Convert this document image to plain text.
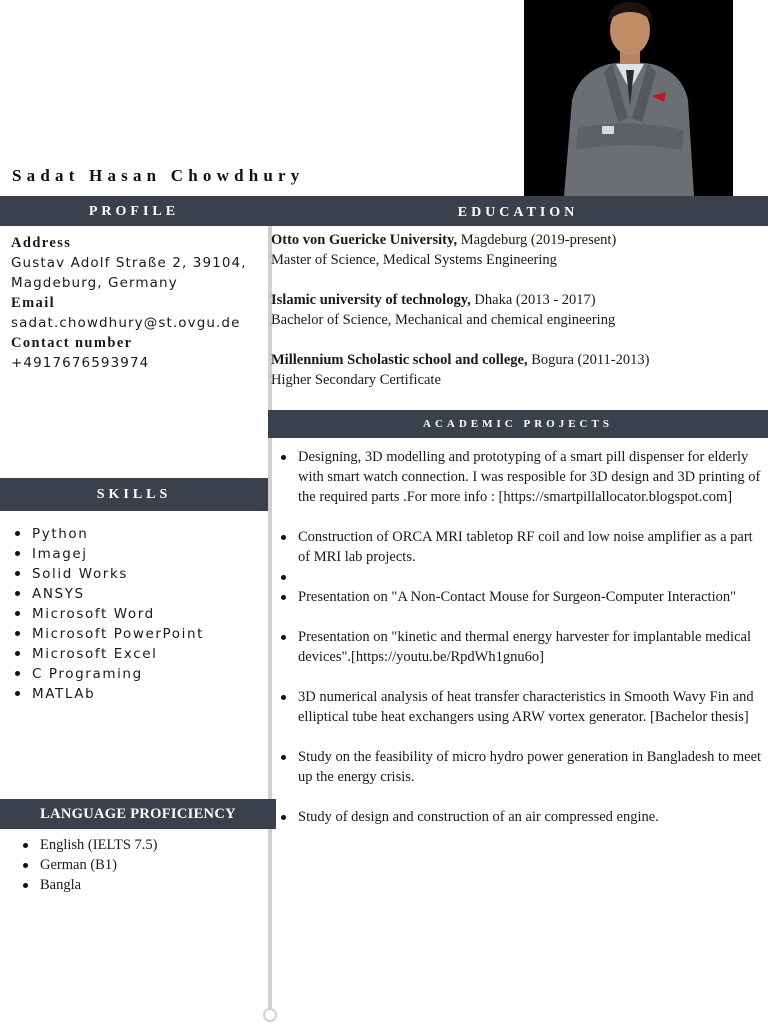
Sadat Hasan Chowdhury
PROFILE	EDUCATION
Address
Gustav Adolf Straße 2, 39104,
Magdeburg, Germany
Email
sadat.chowdhury@st.ovgu.de
Contact number
+4917676593974
Otto von Guericke University, Magdeburg (2019-present)
Master of Science, Medical Systems Engineering
Islamic university of technology, Dhaka (2013 - 2017)
Bachelor of Science, Mechanical and chemical engineering
Millennium Scholastic school and college, Bogura (2011-2013)
Higher Secondary Certificate
ACADEMIC PROJECTS
Designing, 3D modelling and prototyping of a smart pill dispenser for elderly with smart watch connection. I was resposible for 3D design and 3D printing of the required parts .For more info : [https://smartpillallocator.blogspot.com]
Construction of ORCA MRI tabletop RF coil and low noise amplifier as a part of MRI lab projects.
Presentation on "A Non-Contact Mouse for Surgeon-Computer Interaction"
Presentation on "kinetic and thermal energy harvester for implantable medical devices".[https://youtu.be/RpdWh1gnu6o]
3D numerical analysis of heat transfer characteristics in Smooth Wavy Fin and elliptical tube heat exchangers using ARW vortex generator. [Bachelor thesis]
Study on the feasibility of micro hydro power generation in Bangladesh to meet up the energy crisis.
Study of design and construction of an air compressed engine.
SKILLS
Python
Imagej
Solid Works
ANSYS
Microsoft Word
Microsoft PowerPoint
Microsoft Excel
C Programing
MATLAb
LANGUAGE PROFICIENCY
English (IELTS 7.5)
German (B1)
Bangla
